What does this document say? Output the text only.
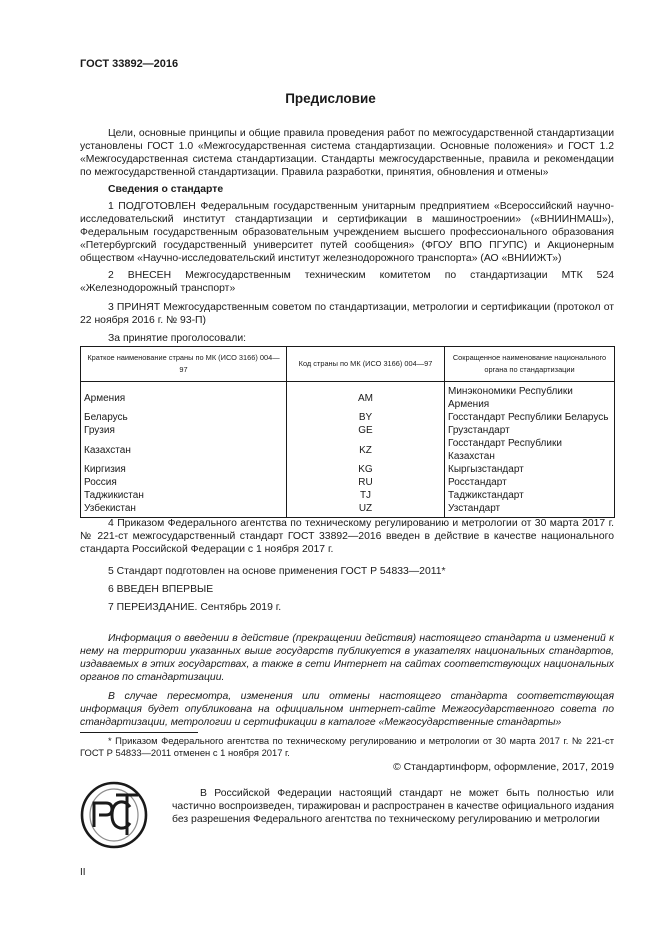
ГОСТ 33892—2016
Предисловие
Цели, основные принципы и общие правила проведения работ по межгосударственной стандартизации установлены ГОСТ 1.0 «Межгосударственная система стандартизации. Основные положения» и ГОСТ 1.2 «Межгосударственная система стандартизации. Стандарты межгосударственные, правила и рекомендации по межгосударственной стандартизации. Правила разработки, принятия, обновления и отмены»
Сведения о стандарте
1 ПОДГОТОВЛЕН Федеральным государственным унитарным предприятием «Всероссийский научно-исследовательский институт стандартизации и сертификации в машиностроении» («ВНИИНМАШ»), Федеральным государственным образовательным учреждением высшего профессионального образования «Петербургский государственный университет путей сообщения» (ФГОУ ВПО ПГУПС) и Акционерным обществом «Научно-исследовательский институт железнодорожного транспорта» (АО «ВНИИЖТ»)
2 ВНЕСЕН Межгосударственным техническим комитетом по стандартизации МТК 524 «Железнодорожный транспорт»
3 ПРИНЯТ Межгосударственным советом по стандартизации, метрологии и сертификации (протокол от 22 ноября 2016 г. № 93-П)
За принятие проголосовали:
Краткое наименование страны по МК (ИСО 3166) 004—97	Код страны по МК (ИСО 3166) 004—97	Сокращенное наименование национального органа по стандартизации
Армения	AM	Минэкономики Республики Армения
Беларусь	BY	Госстандарт Республики Беларусь
Грузия	GE	Грузстандарт
Казахстан	KZ	Госстандарт Республики Казахстан
Киргизия	KG	Кыргызстандарт
Россия	RU	Росстандарт
Таджикистан	TJ	Таджикстандарт
Узбекистан	UZ	Узстандарт
4 Приказом Федерального агентства по техническому регулированию и метрологии от 30 марта 2017 г. № 221-ст межгосударственный стандарт ГОСТ 33892—2016 введен в действие в качестве национального стандарта Российской Федерации с 1 ноября 2017 г.
5 Стандарт подготовлен на основе применения ГОСТ Р 54833—2011*
6 ВВЕДЕН ВПЕРВЫЕ
7 ПЕРЕИЗДАНИЕ. Сентябрь 2019 г.
Информация о введении в действие (прекращении действия) настоящего стандарта и изменений к нему на территории указанных выше государств публикуется в указателях национальных стандартов, издаваемых в этих государствах, а также в сети Интернет на сайтах соответствующих национальных органов по стандартизации.
В случае пересмотра, изменения или отмены настоящего стандарта соответствующая информация будет опубликована на официальном интернет-сайте Межгосударственного совета по стандартизации, метрологии и сертификации в каталоге «Межгосударственные стандарты»
* Приказом Федерального агентства по техническому регулированию и метрологии от 30 марта 2017 г. № 221-ст ГОСТ Р 54833—2011 отменен с 1 ноября 2017 г.
© Стандартинформ, оформление, 2017, 2019
В Российской Федерации настоящий стандарт не может быть полностью или частично воспроизведен, тиражирован и распространен в качестве официального издания без разрешения Федерального агентства по техническому регулированию и метрологии
II
